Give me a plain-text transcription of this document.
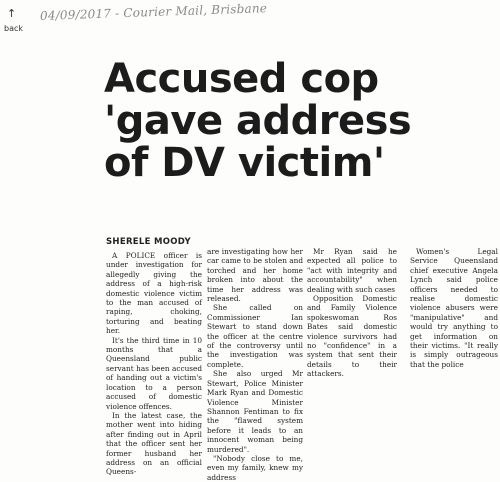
↑
back
04/09/2017 - Courier Mail, Brisbane
Accused cop
'gave address
of DV victim'
SHERELE MOODY

A POLICE officer is under investigation for allegedly giving the address of a high-risk domestic violence victim to the man accused of raping, choking, torturing and beating her.

It's the third time in 10 months that a Queensland public servant has been accused of handing out a victim's location to a person accused of domestic violence offences.

In the latest case, the mother went into hiding after finding out in April that the officer sent her former husband her address on an official Queens-

are investigating how her car came to be stolen and torched and her home broken into about the time her address was released.

She called on Commissioner Ian Stewart to stand down the officer at the centre of the controversy until the investigation was complete.

She also urged Mr Stewart, Police Minister Mark Ryan and Domestic Violence Minister Shannon Fentiman to fix the "flawed system before it leads to an innocent woman being murdered".

"Nobody close to me, even my family, knew my address

Mr Ryan said he expected all police to "act with integrity and accountability" when dealing with such cases

Opposition Domestic and Family Violence spokeswoman Ros Bates said domestic violence survivors had no "confidence" in a system that sent their details to their attackers.

Women's Legal Service Queensland chief executive Angela Lynch said police officers needed to realise domestic violence abusers were "manipulative" and would try anything to get information on their victims. "It really is simply outrageous that the police
